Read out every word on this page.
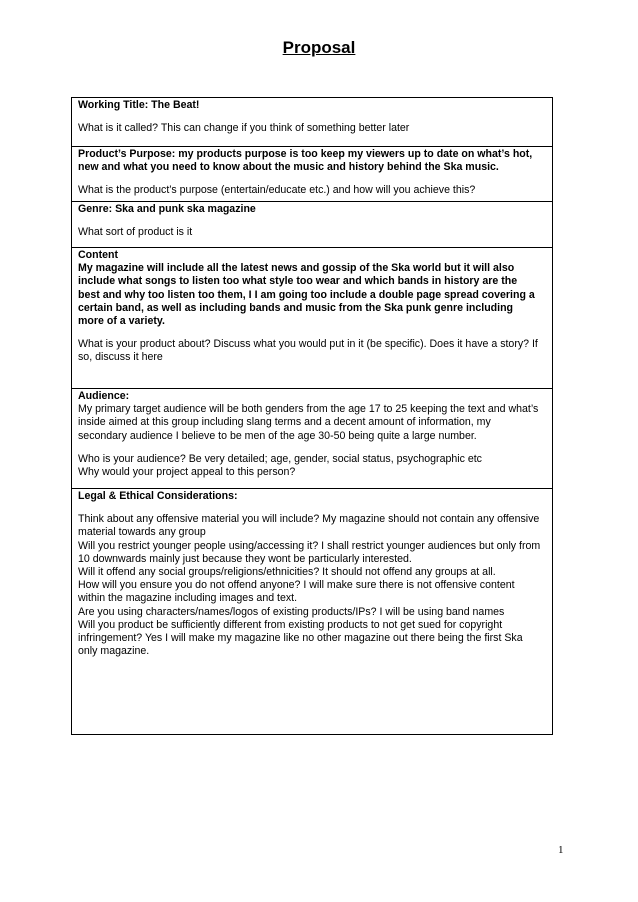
Proposal
Working Title: The Beat!
What is it called? This can change if you think of something better later
Product’s Purpose: my products purpose is too keep my viewers up to date on what’s hot,
new and what you need to know about the music and history behind the Ska music.
What is the product’s purpose (entertain/educate etc.) and how will you achieve this?
Genre: Ska and punk ska magazine
What sort of product is it
Content
My magazine will include all the latest news and gossip of the Ska world but it will also
include what songs to listen too what style too wear and which bands in history are the
best and why too listen too them, I I am going too include a double page spread covering a
certain band, as well as including bands and music from the Ska punk genre including
more of a variety.
What is your product about? Discuss what you would put in it (be specific). Does it have a story? If
so, discuss it here
Audience:
My primary target audience will be both genders from the age 17 to 25 keeping the text and what’s
inside aimed at this group including slang terms and a decent amount of information, my
secondary audience I believe to be men of the age 30-50 being quite a large number.
Who is your audience? Be very detailed; age, gender, social status, psychographic etc
Why would your project appeal to this person?
Legal & Ethical Considerations:
Think about any offensive material you will include? My magazine should not contain any offensive
material towards any group
Will you restrict younger people using/accessing it? I shall restrict younger audiences but only from
10 downwards mainly just because they wont be particularly interested.
Will it offend any social groups/religions/ethnicities? It should not offend any groups at all.
How will you ensure you do not offend anyone? I will make sure there is not offensive content
within the magazine including images and text.
Are you using characters/names/logos of existing products/IPs? I will be using band names
Will you product be sufficiently different from existing products to not get sued for copyright
infringement? Yes I will make my magazine like no other magazine out there being the first Ska
only magazine.
1
